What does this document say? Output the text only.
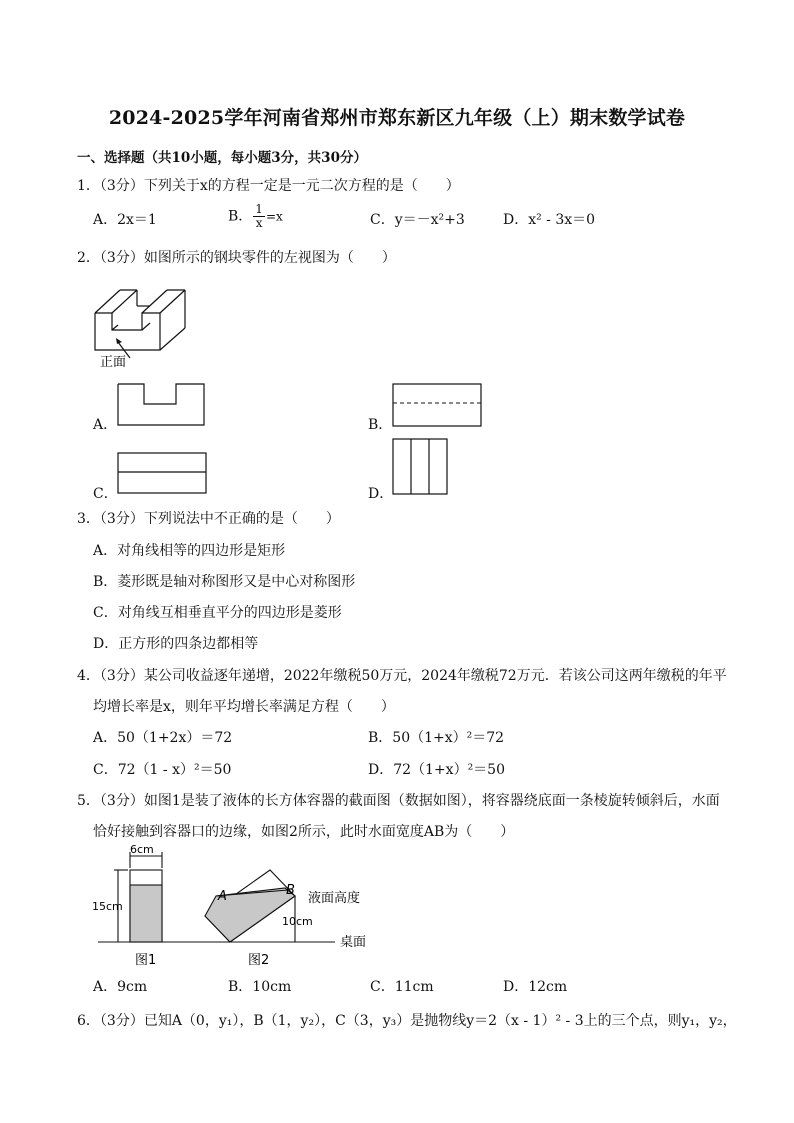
2024-2025学年河南省郑州市郑东新区九年级（上）期末数学试卷
一、选择题（共10小题，每小题3分，共30分）
1．（3分）下列关于x的方程一定是一元二次方程的是（　　）
A．2x＝1	B． $\frac{1}{x} =x$	C．y＝－x²+3	D．x² - 3x＝0
2．（3分）如图所示的钢块零件的左视图为（　　）
正面
A．	B．
C．	D．
3．（3分）下列说法中不正确的是（　　）
A．对角线相等的四边形是矩形
B．菱形既是轴对称图形又是中心对称图形
C．对角线互相垂直平分的四边形是菱形
D．正方形的四条边都相等
4．（3分）某公司收益逐年递增，2022年缴税50万元，2024年缴税72万元．若该公司这两年缴税的年平
均增长率是x，则年平均增长率满足方程（　　）
A．50（1+2x）＝72	B．50（1+x）²＝72
C．72（1 - x）²＝50	D．72（1+x）²＝50
5．（3分）如图1是装了液体的长方体容器的截面图（数据如图），将容器绕底面一条棱旋转倾斜后，水面
恰好接触到容器口的边缘，如图2所示，此时水面宽度AB为（　　）
6cm
15cm
A	B
液面高度
10cm
桌面
图1	图2
A．9cm	B．10cm	C．11cm	D．12cm
6．（3分）已知A（0，y₁），B（1，y₂），C（3，y₃）是抛物线y＝2（x - 1）² - 3上的三个点，则y₁，y₂，
